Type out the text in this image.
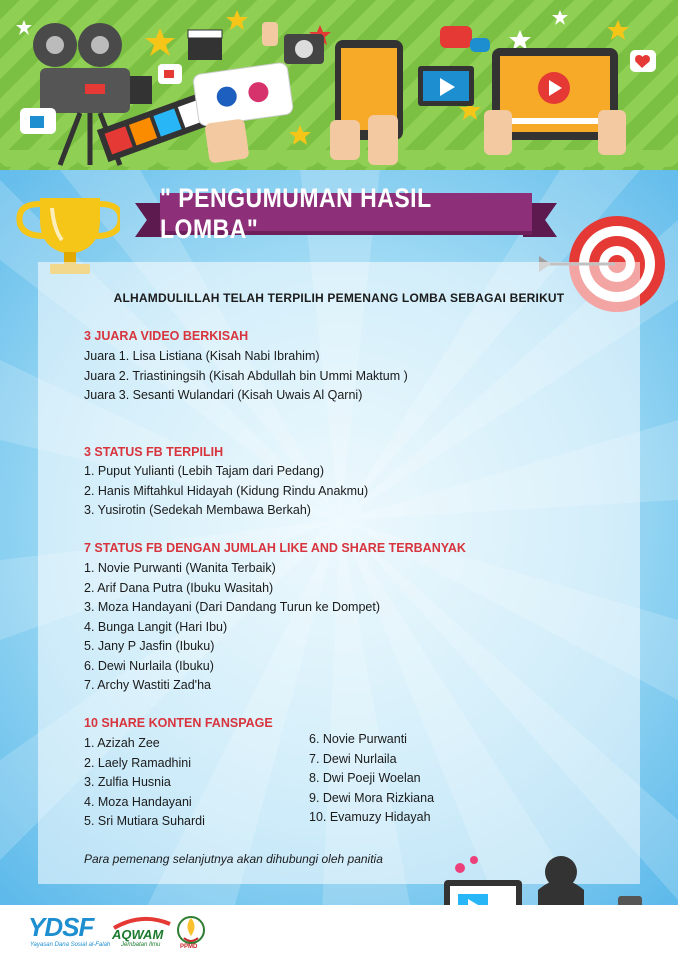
" PENGUMUMAN HASIL LOMBA"
ALHAMDULILLAH TELAH TERPILIH PEMENANG LOMBA SEBAGAI BERIKUT
3 JUARA VIDEO BERKISAH
Juara 1. Lisa Listiana (Kisah Nabi Ibrahim)
Juara 2. Triastiningsih (Kisah Abdullah bin Ummi Maktum )
Juara 3. Sesanti Wulandari (Kisah Uwais Al Qarni)
3 STATUS FB TERPILIH
1. Puput Yulianti (Lebih Tajam dari Pedang)
2. Hanis Miftahkul Hidayah (Kidung Rindu Anakmu)
3. Yusirotin (Sedekah Membawa Berkah)
7 STATUS FB DENGAN JUMLAH LIKE AND SHARE TERBANYAK
1. Novie Purwanti (Wanita Terbaik)
2. Arif Dana Putra (Ibuku Wasitah)
3. Moza Handayani (Dari Dandang Turun ke Dompet)
4. Bunga Langit (Hari Ibu)
5. Jany P Jasfin (Ibuku)
6. Dewi Nurlaila (Ibuku)
7. Archy Wastiti Zad'ha
10 SHARE KONTEN FANSPAGE
1. Azizah Zee
2. Laely Ramadhini
3. Zulfia Husnia
4. Moza Handayani
5. Sri Mutiara Suhardi
6. Novie Purwanti
7. Dewi Nurlaila
8. Dwi Poeji Woelan
9. Dewi Mora Rizkiana
10. Evamuzy Hidayah
Para pemenang selanjutnya akan dihubungi oleh panitia
YDSF
Yayasan Dana Sosial al-Falah
AQWAM
Jembatan Ilmu	PPMD
